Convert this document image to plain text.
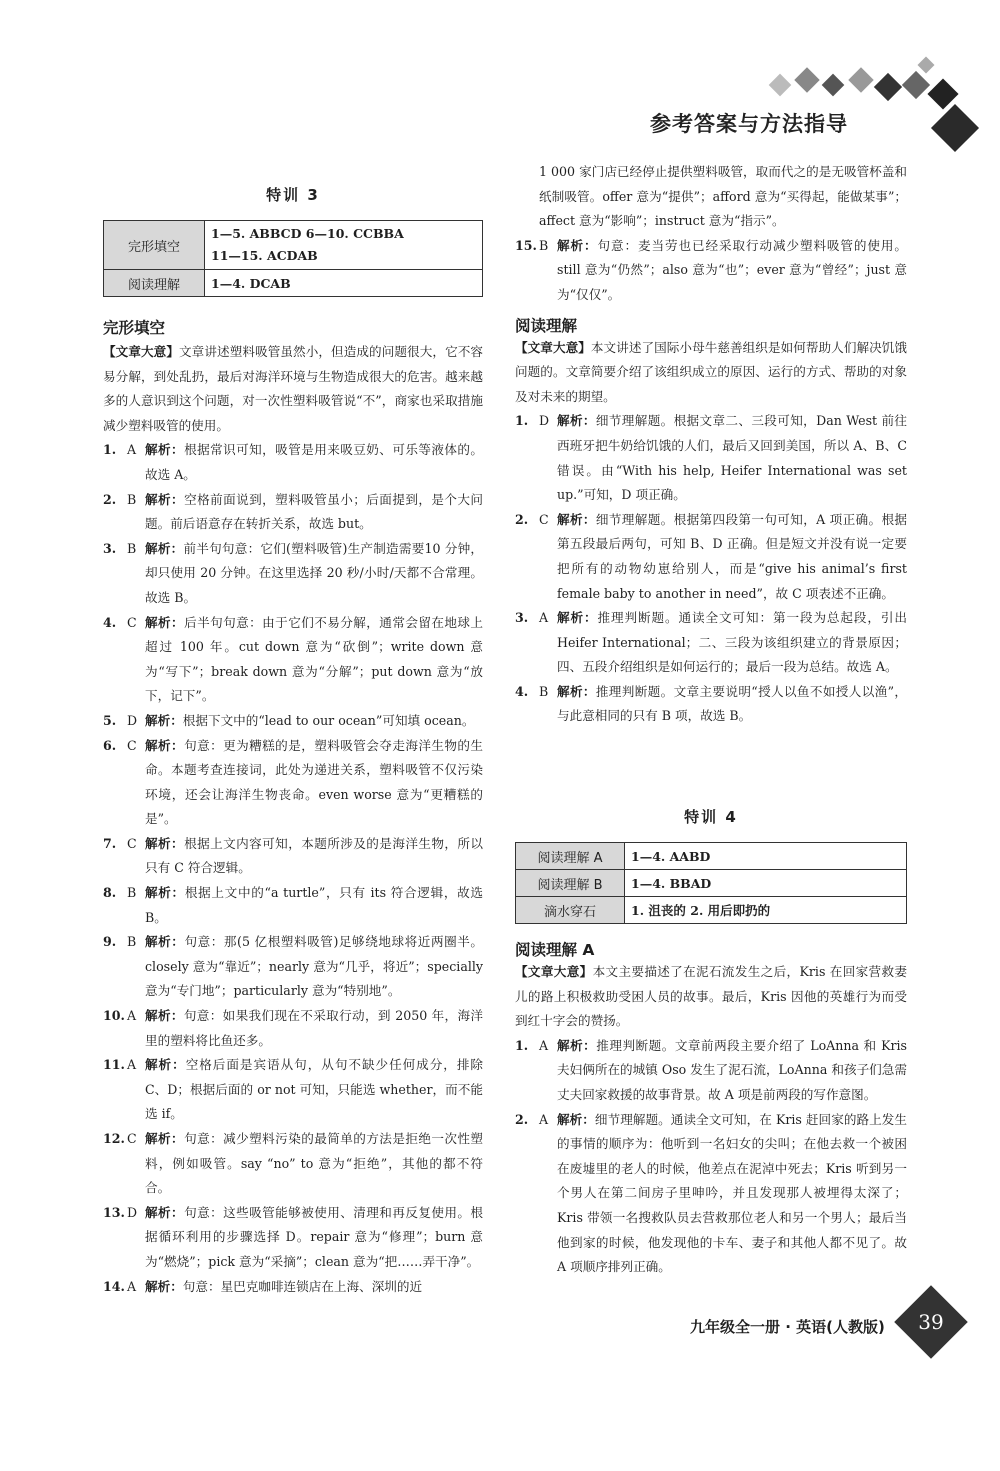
参考答案与方法指导
特训 3
完形填空	1—5. ABBCD 6—10. CCBBA
11—15. ACDAB

阅读理解	1—4. DCAB
完形填空

【文章大意】文章讲述塑料吸管虽然小，但造成的问题很大，它不容易分解，到处乱扔，最后对海洋环境与生物造成很大的危害。越来越多的人意识到这个问题，对一次性塑料吸管说“不”，商家也采取措施减少塑料吸管的使用。

1. A 解析：根据常识可知，吸管是用来吸豆奶、可乐等液体的。故选 A。
2. B 解析：空格前面说到，塑料吸管虽小；后面提到，是个大问题。前后语意存在转折关系，故选 but。
3. B 解析：前半句句意：它们(塑料吸管)生产制造需要10 分钟，却只使用 20 分钟。在这里选择 20 秒/小时/天都不合常理。故选 B。
4. C 解析：后半句句意：由于它们不易分解，通常会留在地球上超过 100 年。cut down 意为“砍倒”；write down 意为“写下”；break down 意为“分解”；put down 意为“放下，记下”。
5. D 解析：根据下文中的“lead to our ocean”可知填 ocean。
6. C 解析：句意：更为糟糕的是，塑料吸管会夺走海洋生物的生命。本题考查连接词，此处为递进关系，塑料吸管不仅污染环境，还会让海洋生物丧命。even worse 意为“更糟糕的是”。
7. C 解析：根据上文内容可知，本题所涉及的是海洋生物，所以只有 C 符合逻辑。
8. B 解析：根据上文中的“a turtle”，只有 its 符合逻辑，故选 B。
9. B 解析：句意：那(5 亿根塑料吸管)足够绕地球将近两圈半。closely 意为“靠近”；nearly 意为“几乎，将近”；specially 意为“专门地”；particularly 意为“特别地”。
10. A 解析：句意：如果我们现在不采取行动，到 2050 年，海洋里的塑料将比鱼还多。
11. A 解析：空格后面是宾语从句，从句不缺少任何成分，排除 C、D；根据后面的 or not 可知，只能选 whether，而不能选 if。
12. C 解析：句意：减少塑料污染的最简单的方法是拒绝一次性塑料，例如吸管。say “no” to 意为“拒绝”，其他的都不符合。
13. D 解析：句意：这些吸管能够被使用、清理和再反复使用。根据循环利用的步骤选择 D。repair 意为“修理”；burn 意为“燃烧”；pick 意为“采摘”；clean 意为“把……弄干净”。
14. A 解析：句意：星巴克咖啡连锁店在上海、深圳的近

1 000 家门店已经停止提供塑料吸管，取而代之的是无吸管杯盖和纸制吸管。offer 意为“提供”；afford 意为“买得起，能做某事”；affect 意为“影响”；instruct 意为“指示”。

15. B 解析：句意：麦当劳也已经采取行动减少塑料吸管的使用。still 意为“仍然”；also 意为“也”；ever 意为“曾经”；just 意为“仅仅”。
阅读理解

【文章大意】本文讲述了国际小母牛慈善组织是如何帮助人们解决饥饿问题的。文章简要介绍了该组织成立的原因、运行的方式、帮助的对象及对未来的期望。

1. D 解析：细节理解题。根据文章二、三段可知，Dan West 前往西班牙把牛奶给饥饿的人们，最后又回到美国，所以 A、B、C 错误。由“With his help, Heifer International was set up.”可知，D 项正确。
2. C 解析：细节理解题。根据第四段第一句可知，A 项正确。根据第五段最后两句，可知 B、D 正确。但是短文并没有说一定要把所有的动物幼崽给别人，而是“give his animal’s first female baby to another in need”，故 C 项表述不正确。
3. A 解析：推理判断题。通读全文可知：第一段为总起段，引出 Heifer International；二、三段为该组织建立的背景原因；四、五段介绍组织是如何运行的；最后一段为总结。故选 A。
4. B 解析：推理判断题。文章主要说明“授人以鱼不如授人以渔”，与此意相同的只有 B 项，故选 B。
特训 4
阅读理解 A	1—4. AABD
阅读理解 B	1—4. BBAD
滴水穿石	1. 沮丧的 2. 用后即扔的
阅读理解 A

【文章大意】本文主要描述了在泥石流发生之后，Kris 在回家营救妻儿的路上积极救助受困人员的故事。最后，Kris 因他的英雄行为而受到红十字会的赞扬。

1. A 解析：推理判断题。文章前两段主要介绍了 LoAnna 和 Kris 夫妇俩所在的城镇 Oso 发生了泥石流，LoAnna 和孩子们急需丈夫回家救援的故事背景。故 A 项是前两段的写作意图。
2. A 解析：细节理解题。通读全文可知，在 Kris 赶回家的路上发生的事情的顺序为：他听到一名妇女的尖叫；在他去救一个被困在废墟里的老人的时候，他差点在泥淖中死去；Kris 听到另一个男人在第二间房子里呻吟，并且发现那人被埋得太深了；Kris 带领一名搜救队员去营救那位老人和另一个男人；最后当他到家的时候，他发现他的卡车、妻子和其他人都不见了。故 A 项顺序排列正确。
九年级全一册 · 英语(人教版)	39
